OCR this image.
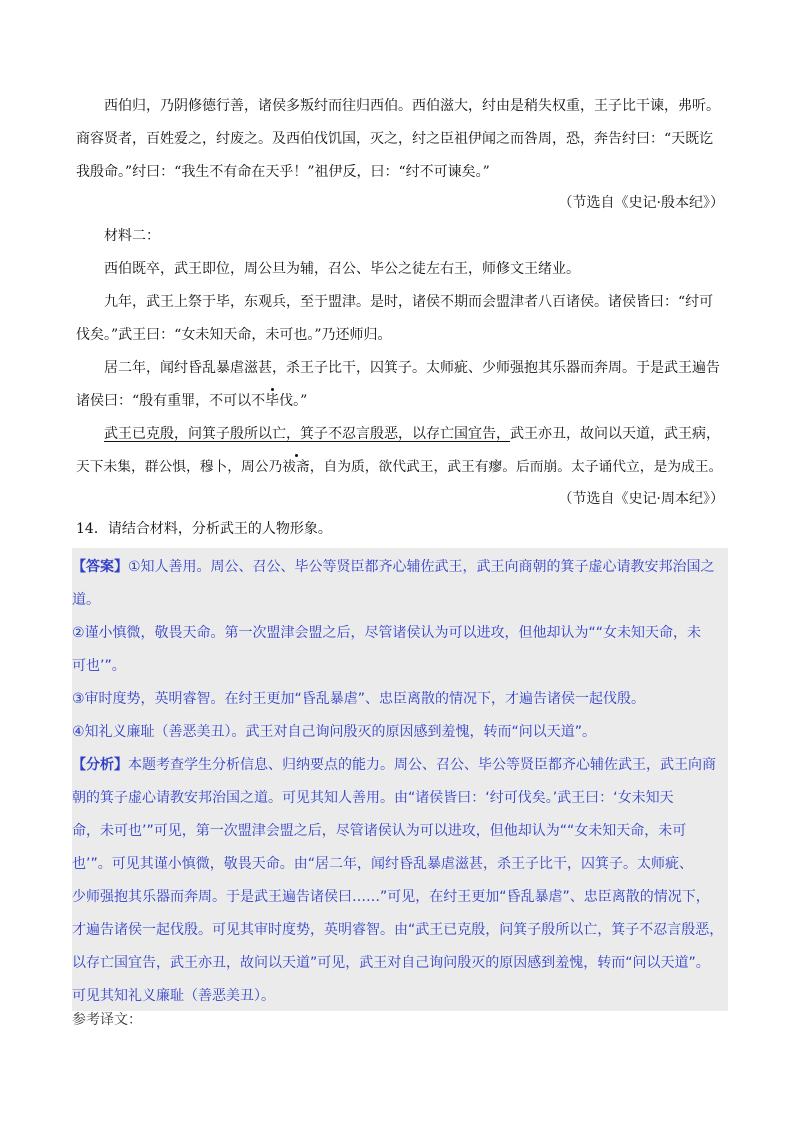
西伯归，乃阴修德行善，诸侯多叛纣而往归西伯。西伯滋大，纣由是稍失权重，王子比干谏，弗听。
商容贤者，百姓爱之，纣废之。及西伯伐饥国，灭之，纣之臣祖伊闻之而咎周，恐，奔告纣曰：“天既讫
我殷命。”纣曰：“我生不有命在天乎！”祖伊反，曰：“纣不可谏矣。”
（节选自《史记·殷本纪》）
材料二：
西伯既卒，武王即位，周公旦为辅，召公、毕公之徒左右王，师修文王绪业。
九年，武王上祭于毕，东观兵，至于盟津。是时，诸侯不期而会盟津者八百诸侯。诸侯皆曰：“纣可
伐矣。”武王曰：“女未知天命，未可也。”乃还师归。
居二年，闻纣昏乱暴虐滋甚，杀王子比干，囚箕子。太师疵、少师强抱其乐器而奔周。于是武王遍告
诸侯曰：“殷有重罪，不可以不毕伐。”
武王已克殷，问箕子殷所以亡，箕子不忍言殷恶，以存亡国宜告，武王亦丑，故问以天道，武王病，
天下未集，群公惧，穆卜，周公乃祓斋，自为质，欲代武王，武王有瘳。后而崩。太子诵代立，是为成王。
（节选自《史记·周本纪》）
14．请结合材料，分析武王的人物形象。
【答案】①知人善用。周公、召公、毕公等贤臣都齐心辅佐武王，武王向商朝的箕子虚心请教安邦治国之
道。
②谨小慎微，敬畏天命。第一次盟津会盟之后，尽管诸侯认为可以进攻，但他却认为““女未知天命，未
可也’”。
③审时度势，英明睿智。在纣王更加“昏乱暴虐”、忠臣离散的情况下，才遍告诸侯一起伐殷。
④知礼义廉耻（善恶美丑）。武王对自己询问殷灭的原因感到羞愧，转而“问以天道”。
【分析】本题考查学生分析信息、归纳要点的能力。周公、召公、毕公等贤臣都齐心辅佐武王，武王向商
朝的箕子虚心请教安邦治国之道。可见其知人善用。由“诸侯皆曰：‘纣可伐矣。’武王曰：‘女未知天
命，未可也’”可见，第一次盟津会盟之后，尽管诸侯认为可以进攻，但他却认为““女未知天命，未可
也’”。可见其谨小慎微，敬畏天命。由“居二年，闻纣昏乱暴虐滋甚，杀王子比干，囚箕子。太师疵、
少师强抱其乐器而奔周。于是武王遍告诸侯曰……”可见，在纣王更加“昏乱暴虐”、忠臣离散的情况下，
才遍告诸侯一起伐殷。可见其审时度势，英明睿智。由“武王已克殷，问箕子殷所以亡，箕子不忍言殷恶，
以存亡国宜告，武王亦丑，故问以天道”可见，武王对自己询问殷灭的原因感到羞愧，转而“问以天道”。
可见其知礼义廉耻（善恶美丑）。
参考译文：
